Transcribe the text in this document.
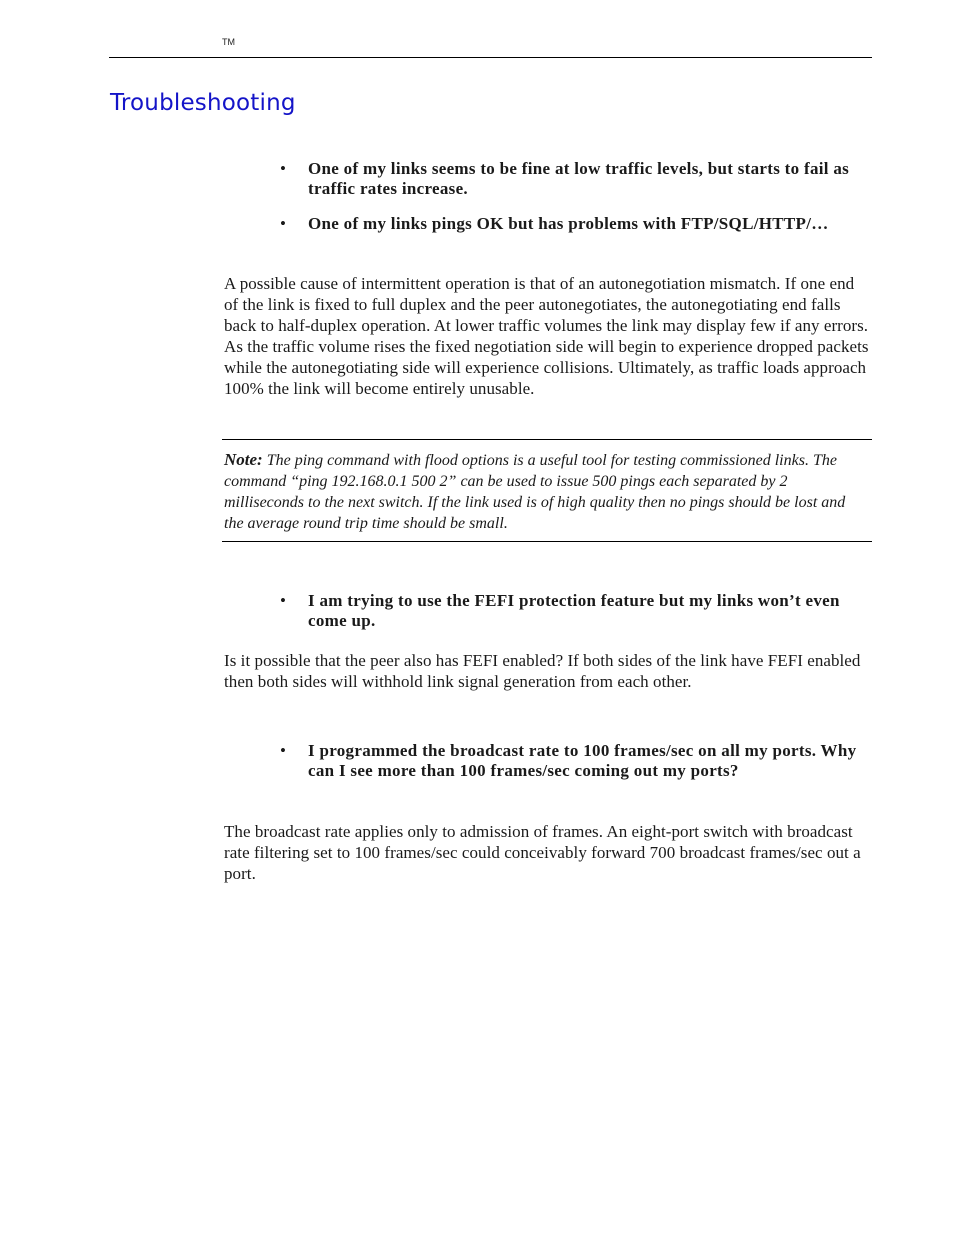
TM
Troubleshooting
• One of my links seems to be fine at low traffic levels, but starts to fail as traffic rates increase.
• One of my links pings OK but has problems with FTP/SQL/HTTP/…

A possible cause of intermittent operation is that of an autonegotiation mismatch. If one end of the link is fixed to full duplex and the peer autonegotiates, the autonegotiating end falls back to half-duplex operation. At lower traffic volumes the link may display few if any errors. As the traffic volume rises the fixed negotiation side will begin to experience dropped packets while the autonegotiating side will experience collisions. Ultimately, as traffic loads approach 100% the link will become entirely unusable.

Note: The ping command with flood options is a useful tool for testing commissioned links. The command “ping 192.168.0.1 500 2” can be used to issue 500 pings each separated by 2 milliseconds to the next switch. If the link used is of high quality then no pings should be lost and the average round trip time should be small.

• I am trying to use the FEFI protection feature but my links won’t even come up.

Is it possible that the peer also has FEFI enabled? If both sides of the link have FEFI enabled then both sides will withhold link signal generation from each other.

• I programmed the broadcast rate to 100 frames/sec on all my ports. Why can I see more than 100 frames/sec coming out my ports?

The broadcast rate applies only to admission of frames. An eight-port switch with broadcast rate filtering set to 100 frames/sec could conceivably forward 700 broadcast frames/sec out a port.
